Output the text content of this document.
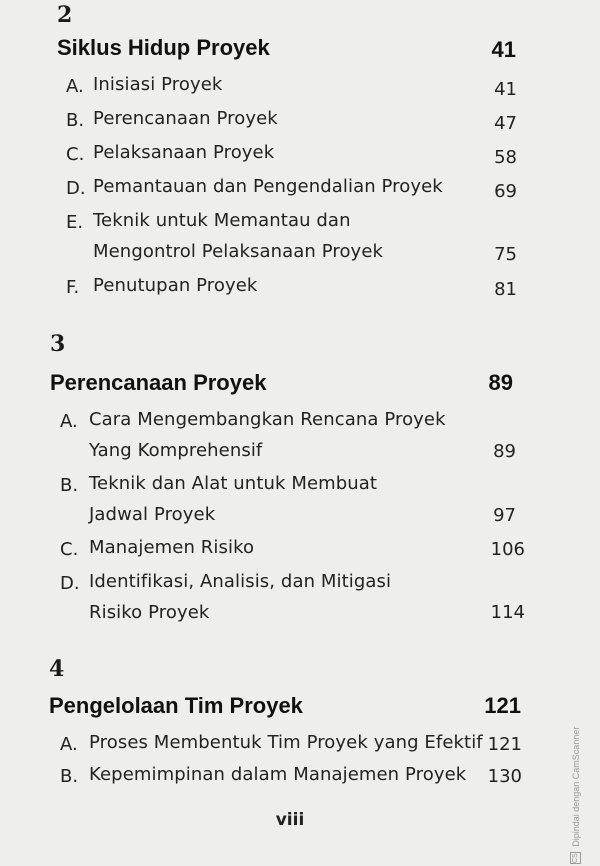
2
Siklus Hidup Proyek	41
A. Inisiasi Proyek	41
B. Perencanaan Proyek	47
C. Pelaksanaan Proyek	58
D. Pemantauan dan Pengendalian Proyek	69
E. Teknik untuk Memantau dan
Mengontrol Pelaksanaan Proyek	75
F. Penutupan Proyek	81
3
Perencanaan Proyek	89
A. Cara Mengembangkan Rencana Proyek
Yang Komprehensif	89
B. Teknik dan Alat untuk Membuat
Jadwal Proyek	97
C. Manajemen Risiko	106
D. Identifikasi, Analisis, dan Mitigasi
Risiko Proyek	114
4
Pengelolaan Tim Proyek	121
A. Proses Membentuk Tim Proyek yang Efektif 121
B. Kepemimpinan dalam Manajemen Proyek	130
viii
CS Dipindai dengan CamScanner
